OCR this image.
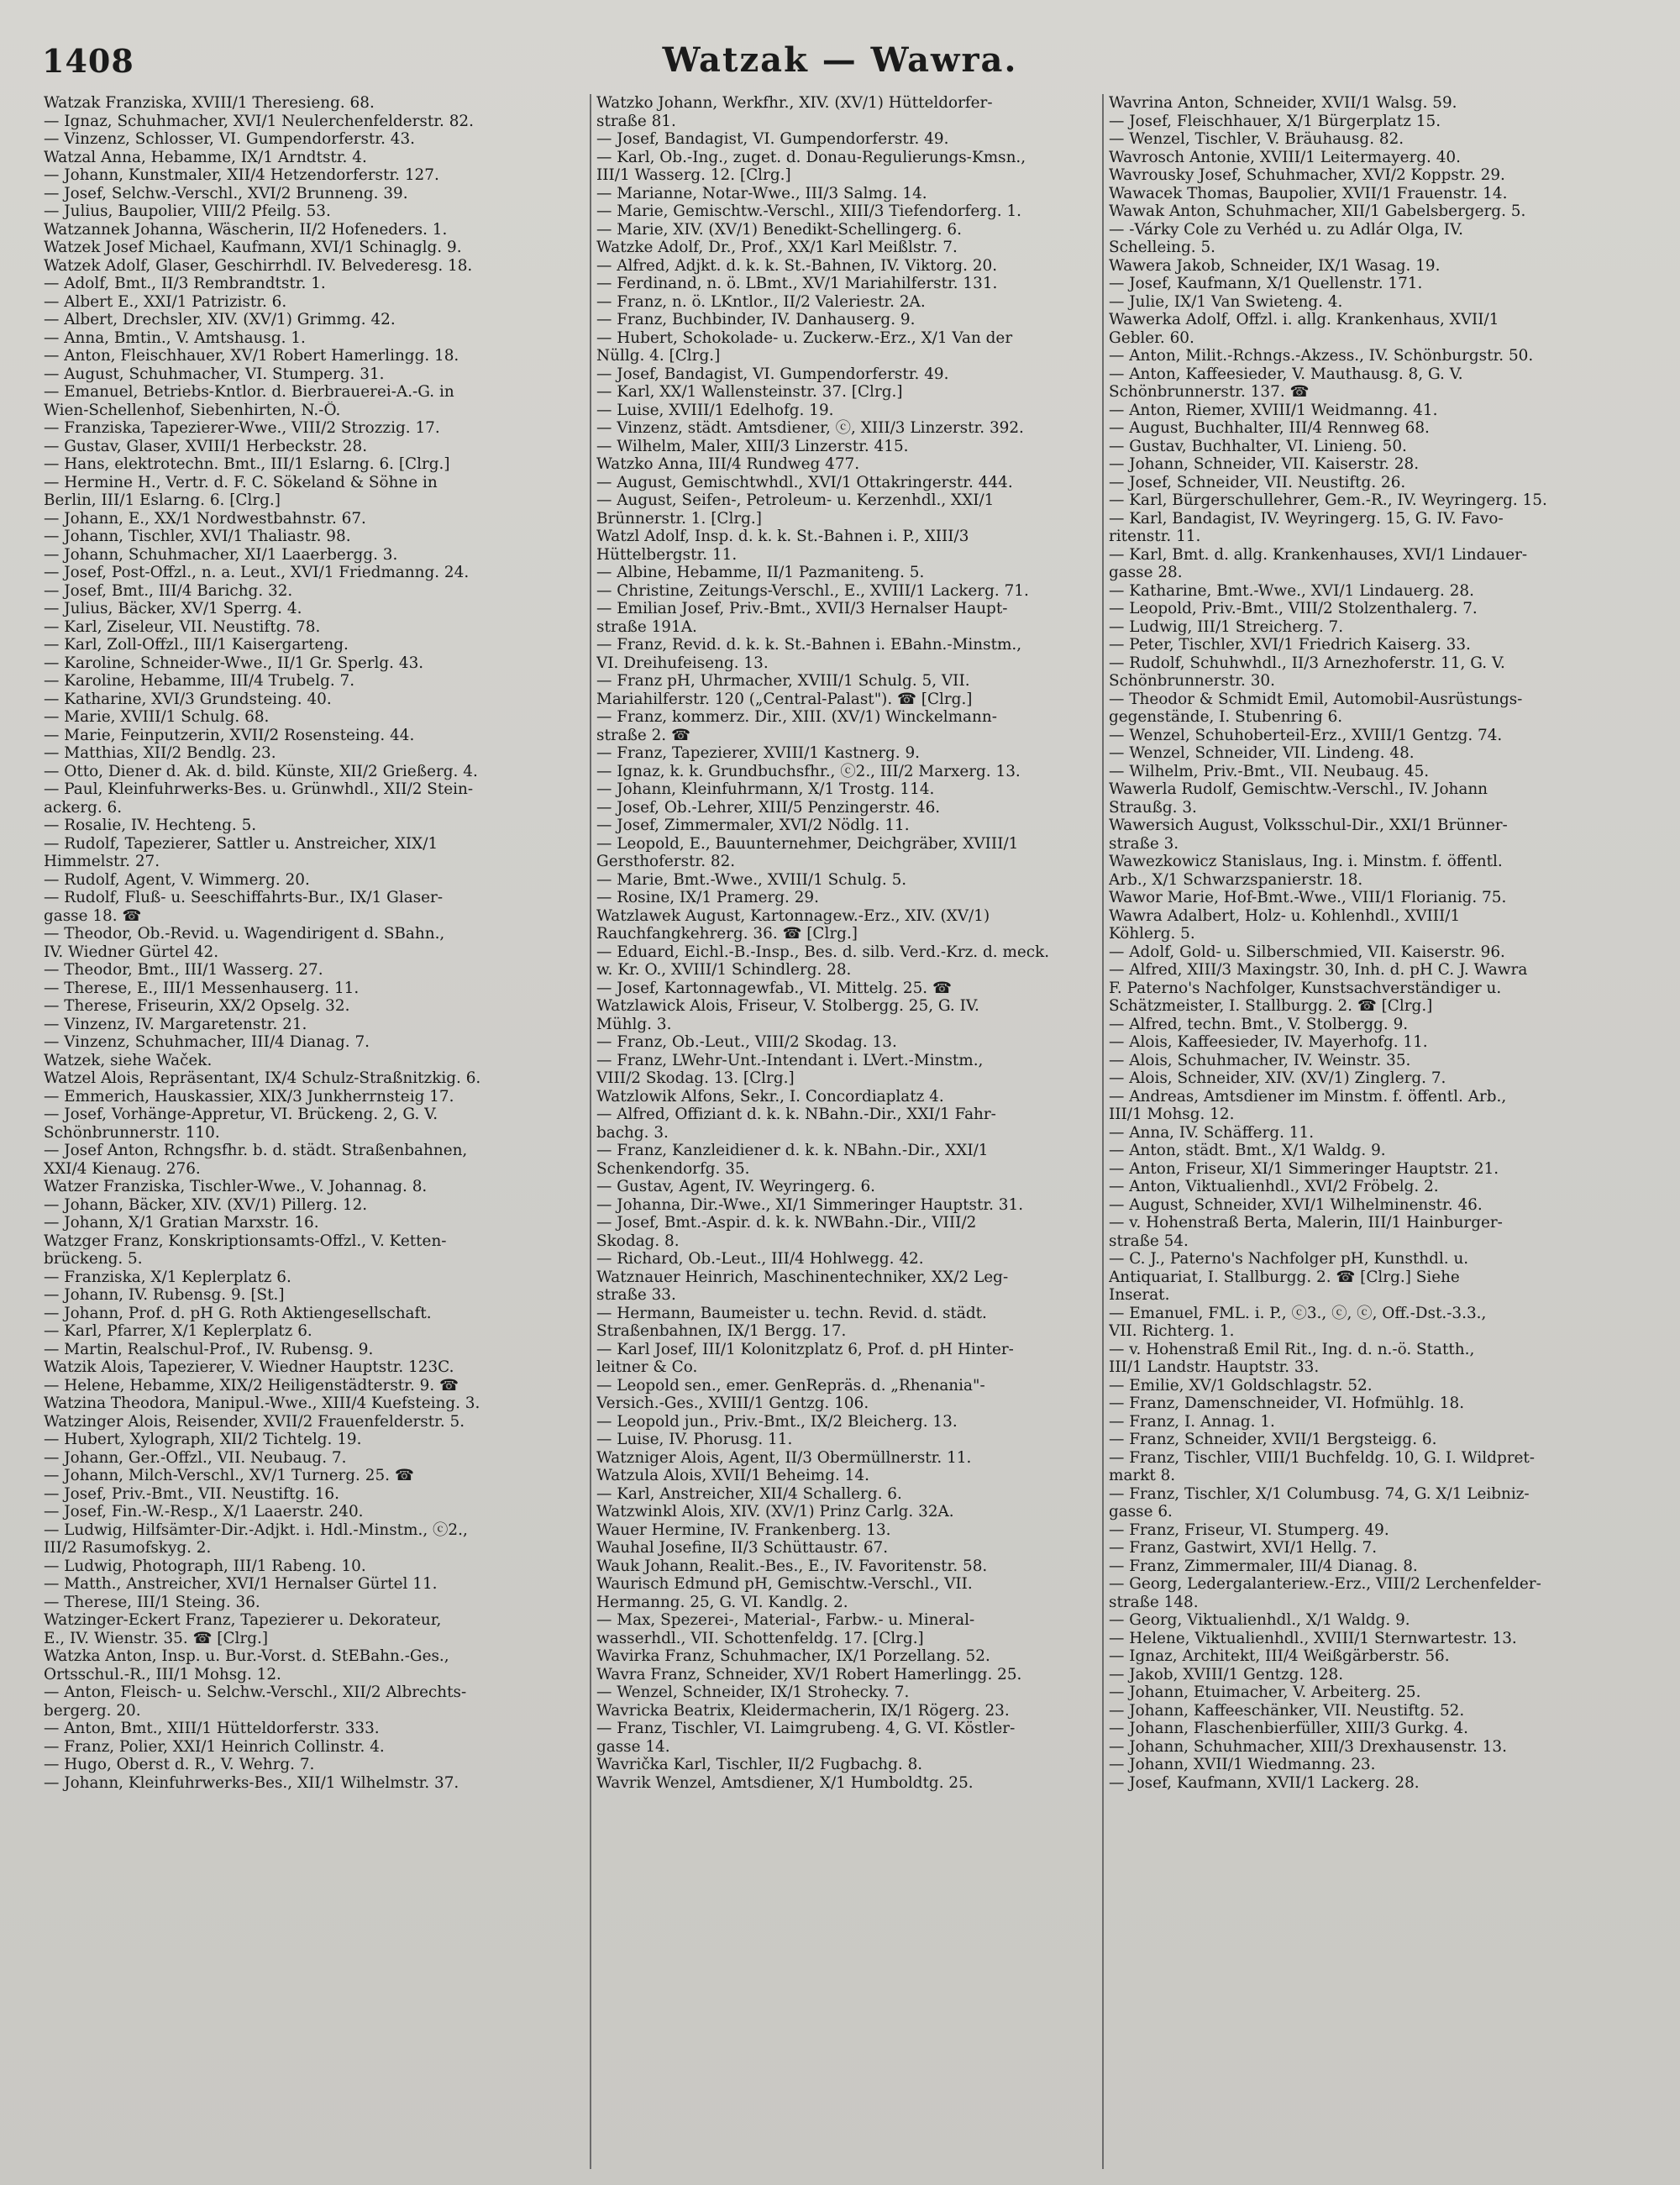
1408	Watzak — Wawra.
Watzak Franziska, XVIII/1 Theresieng. 68.
— Ignaz, Schuhmacher, XVI/1 Neulerchenfelderstr. 82.
— Vinzenz, Schlosser, VI. Gumpendorferstr. 43.
Watzal Anna, Hebamme, IX/1 Arndtstr. 4.
— Johann, Kunstmaler, XII/4 Hetzendorferstr. 127.
— Josef, Selchw.-Verschl., XVI/2 Brunneng. 39.
— Julius, Baupolier, VIII/2 Pfeilg. 53.
Watzannek Johanna, Wäscherin, II/2 Hofeneders. 1.
Watzek Josef Michael, Kaufmann, XVI/1 Schinaglg. 9.
Watzek Adolf, Glaser, Geschirrhdl. IV. Belvederesg. 18.
— Adolf, Bmt., II/3 Rembrandtstr. 1.
— Albert E., XXI/1 Patrizistr. 6.
— Albert, Drechsler, XIV. (XV/1) Grimmg. 42.
— Anna, Bmtin., V. Amtshausg. 1.
— Anton, Fleischhauer, XV/1 Robert Hamerlingg. 18.
— August, Schuhmacher, VI. Stumperg. 31.
— Emanuel, Betriebs-Kntlor. d. Bierbrauerei-A.-G. in
Wien-Schellenhof, Siebenhirten, N.-Ö.
— Franziska, Tapezierer-Wwe., VIII/2 Strozzig. 17.
— Gustav, Glaser, XVIII/1 Herbeckstr. 28.
— Hans, elektrotechn. Bmt., III/1 Eslarng. 6. [Clrg.]
— Hermine H., Vertr. d. F. C. Sökeland & Söhne in
Berlin, III/1 Eslarng. 6. [Clrg.]
— Johann, E., XX/1 Nordwestbahnstr. 67.
— Johann, Tischler, XVI/1 Thaliastr. 98.
— Johann, Schuhmacher, XI/1 Laaerbergg. 3.
— Josef, Post-Offzl., n. a. Leut., XVI/1 Friedmanng. 24.
— Josef, Bmt., III/4 Barichg. 32.
— Julius, Bäcker, XV/1 Sperrg. 4.
— Karl, Ziseleur, VII. Neustiftg. 78.
— Karl, Zoll-Offzl., III/1 Kaisergarteng.
— Karoline, Schneider-Wwe., II/1 Gr. Sperlg. 43.
— Karoline, Hebamme, III/4 Trubelg. 7.
— Katharine, XVI/3 Grundsteing. 40.
— Marie, XVIII/1 Schulg. 68.
— Marie, Feinputzerin, XVII/2 Rosensteing. 44.
— Matthias, XII/2 Bendlg. 23.
— Otto, Diener d. Ak. d. bild. Künste, XII/2 Grießerg. 4.
— Paul, Kleinfuhrwerks-Bes. u. Grünwhdl., XII/2 Stein-
ackerg. 6.
— Rosalie, IV. Hechteng. 5.
— Rudolf, Tapezierer, Sattler u. Anstreicher, XIX/1
Himmelstr. 27.
— Rudolf, Agent, V. Wimmerg. 20.
— Rudolf, Fluß- u. Seeschiffahrts-Bur., IX/1 Glaser-
gasse 18. ☎
— Theodor, Ob.-Revid. u. Wagendirigent d. SBahn.,
IV. Wiedner Gürtel 42.
— Theodor, Bmt., III/1 Wasserg. 27.
— Therese, E., III/1 Messenhauserg. 11.
— Therese, Friseurin, XX/2 Opselg. 32.
— Vinzenz, IV. Margaretenstr. 21.
— Vinzenz, Schuhmacher, III/4 Dianag. 7.
Watzek, siehe Waček.
Watzel Alois, Repräsentant, IX/4 Schulz-Straßnitzkig. 6.
— Emmerich, Hauskassier, XIX/3 Junkherrnsteig 17.
— Josef, Vorhänge-Appretur, VI. Brückeng. 2, G. V.
Schönbrunnerstr. 110.
— Josef Anton, Rchngsfhr. b. d. städt. Straßenbahnen,
XXI/4 Kienaug. 276.
Watzer Franziska, Tischler-Wwe., V. Johannag. 8.
— Johann, Bäcker, XIV. (XV/1) Pillerg. 12.
— Johann, X/1 Gratian Marxstr. 16.
Watzger Franz, Konskriptionsamts-Offzl., V. Ketten-
brückeng. 5.
— Franziska, X/1 Keplerplatz 6.
— Johann, IV. Rubensg. 9. [St.]
— Johann, Prof. d. pH G. Roth Aktiengesellschaft.
— Karl, Pfarrer, X/1 Keplerplatz 6.
— Martin, Realschul-Prof., IV. Rubensg. 9.
Watzik Alois, Tapezierer, V. Wiedner Hauptstr. 123C.
— Helene, Hebamme, XIX/2 Heiligenstädterstr. 9. ☎
Watzina Theodora, Manipul.-Wwe., XIII/4 Kuefsteing. 3.
Watzinger Alois, Reisender, XVII/2 Frauenfelderstr. 5.
— Hubert, Xylograph, XII/2 Tichtelg. 19.
— Johann, Ger.-Offzl., VII. Neubaug. 7.
— Johann, Milch-Verschl., XV/1 Turnerg. 25. ☎
— Josef, Priv.-Bmt., VII. Neustiftg. 16.
— Josef, Fin.-W.-Resp., X/1 Laaerstr. 240.
— Ludwig, Hilfsämter-Dir.-Adjkt. i. Hdl.-Minstm., ⓒ2.,
III/2 Rasumofskyg. 2.
— Ludwig, Photograph, III/1 Rabeng. 10.
— Matth., Anstreicher, XVI/1 Hernalser Gürtel 11.
— Therese, III/1 Steing. 36.
Watzinger-Eckert Franz, Tapezierer u. Dekorateur,
E., IV. Wienstr. 35. ☎ [Clrg.]
Watzka Anton, Insp. u. Bur.-Vorst. d. StEBahn.-Ges.,
Ortsschul.-R., III/1 Mohsg. 12.
— Anton, Fleisch- u. Selchw.-Verschl., XII/2 Albrechts-
bergerg. 20.
— Anton, Bmt., XIII/1 Hütteldorferstr. 333.
— Franz, Polier, XXI/1 Heinrich Collinstr. 4.
— Hugo, Oberst d. R., V. Wehrg. 7.
— Johann, Kleinfuhrwerks-Bes., XII/1 Wilhelmstr. 37.
Watzko Johann, Werkfhr., XIV. (XV/1) Hütteldorfer-
straße 81.
— Josef, Bandagist, VI. Gumpendorferstr. 49.
— Karl, Ob.-Ing., zuget. d. Donau-Regulierungs-Kmsn.,
III/1 Wasserg. 12. [Clrg.]
— Marianne, Notar-Wwe., III/3 Salmg. 14.
— Marie, Gemischtw.-Verschl., XIII/3 Tiefendorferg. 1.
— Marie, XIV. (XV/1) Benedikt-Schellingerg. 6.
Watzke Adolf, Dr., Prof., XX/1 Karl Meißlstr. 7.
— Alfred, Adjkt. d. k. k. St.-Bahnen, IV. Viktorg. 20.
— Ferdinand, n. ö. LBmt., XV/1 Mariahilferstr. 131.
— Franz, n. ö. LKntlor., II/2 Valeriestr. 2A.
— Franz, Buchbinder, IV. Danhauserg. 9.
— Hubert, Schokolade- u. Zuckerw.-Erz., X/1 Van der
Nüllg. 4. [Clrg.]
— Josef, Bandagist, VI. Gumpendorferstr. 49.
— Karl, XX/1 Wallensteinstr. 37. [Clrg.]
— Luise, XVIII/1 Edelhofg. 19.
— Vinzenz, städt. Amtsdiener, ⓒ, XIII/3 Linzerstr. 392.
— Wilhelm, Maler, XIII/3 Linzerstr. 415.
Watzko Anna, III/4 Rundweg 477.
— August, Gemischtwhdl., XVI/1 Ottakringerstr. 444.
— August, Seifen-, Petroleum- u. Kerzenhdl., XXI/1
Brünnerstr. 1. [Clrg.]
Watzl Adolf, Insp. d. k. k. St.-Bahnen i. P., XIII/3
Hüttelbergstr. 11.
— Albine, Hebamme, II/1 Pazmaniteng. 5.
— Christine, Zeitungs-Verschl., E., XVIII/1 Lackerg. 71.
— Emilian Josef, Priv.-Bmt., XVII/3 Hernalser Haupt-
straße 191A.
— Franz, Revid. d. k. k. St.-Bahnen i. EBahn.-Minstm.,
VI. Dreihufeiseng. 13.
— Franz pH, Uhrmacher, XVIII/1 Schulg. 5, VII.
Mariahilferstr. 120 („Central-Palast"). ☎ [Clrg.]
— Franz, kommerz. Dir., XIII. (XV/1) Winckelmann-
straße 2. ☎
— Franz, Tapezierer, XVIII/1 Kastnerg. 9.
— Ignaz, k. k. Grundbuchsfhr., ⓒ2., III/2 Marxerg. 13.
— Johann, Kleinfuhrmann, X/1 Trostg. 114.
— Josef, Ob.-Lehrer, XIII/5 Penzingerstr. 46.
— Josef, Zimmermaler, XVI/2 Nödlg. 11.
— Leopold, E., Bauunternehmer, Deichgräber, XVIII/1
Gersthoferstr. 82.
— Marie, Bmt.-Wwe., XVIII/1 Schulg. 5.
— Rosine, IX/1 Pramerg. 29.
Watzlawek August, Kartonnagew.-Erz., XIV. (XV/1)
Rauchfangkehrerg. 36. ☎ [Clrg.]
— Eduard, Eichl.-B.-Insp., Bes. d. silb. Verd.-Krz. d. meck.
w. Kr. O., XVIII/1 Schindlerg. 28.
— Josef, Kartonnagewfab., VI. Mittelg. 25. ☎
Watzlawick Alois, Friseur, V. Stolbergg. 25, G. IV.
Mühlg. 3.
— Franz, Ob.-Leut., VIII/2 Skodag. 13.
— Franz, LWehr-Unt.-Intendant i. LVert.-Minstm.,
VIII/2 Skodag. 13. [Clrg.]
Watzlowik Alfons, Sekr., I. Concordiaplatz 4.
— Alfred, Offiziant d. k. k. NBahn.-Dir., XXI/1 Fahr-
bachg. 3.
— Franz, Kanzleidiener d. k. k. NBahn.-Dir., XXI/1
Schenkendorfg. 35.
— Gustav, Agent, IV. Weyringerg. 6.
— Johanna, Dir.-Wwe., XI/1 Simmeringer Hauptstr. 31.
— Josef, Bmt.-Aspir. d. k. k. NWBahn.-Dir., VIII/2
Skodag. 8.
— Richard, Ob.-Leut., III/4 Hohlwegg. 42.
Watznauer Heinrich, Maschinentechniker, XX/2 Leg-
straße 33.
— Hermann, Baumeister u. techn. Revid. d. städt.
Straßenbahnen, IX/1 Bergg. 17.
— Karl Josef, III/1 Kolonitzplatz 6, Prof. d. pH Hinter-
leitner & Co.
— Leopold sen., emer. GenRepräs. d. „Rhenania"-
Versich.-Ges., XVIII/1 Gentzg. 106.
— Leopold jun., Priv.-Bmt., IX/2 Bleicherg. 13.
— Luise, IV. Phorusg. 11.
Watzniger Alois, Agent, II/3 Obermüllnerstr. 11.
Watzula Alois, XVII/1 Beheimg. 14.
— Karl, Anstreicher, XII/4 Schallerg. 6.
Watzwinkl Alois, XIV. (XV/1) Prinz Carlg. 32A.
Wauer Hermine, IV. Frankenberg. 13.
Wauhal Josefine, II/3 Schüttaustr. 67.
Wauk Johann, Realit.-Bes., E., IV. Favoritenstr. 58.
Waurisch Edmund pH, Gemischtw.-Verschl., VII.
Hermanng. 25, G. VI. Kandlg. 2.
— Max, Spezerei-, Material-, Farbw.- u. Mineral-
wasserhdl., VII. Schottenfeldg. 17. [Clrg.]
Wavirka Franz, Schuhmacher, IX/1 Porzellang. 52.
Wavra Franz, Schneider, XV/1 Robert Hamerlingg. 25.
— Wenzel, Schneider, IX/1 Strohecky. 7.
Wavricka Beatrix, Kleidermacherin, IX/1 Rögerg. 23.
— Franz, Tischler, VI. Laimgrubeng. 4, G. VI. Köstler-
gasse 14.
Wavrička Karl, Tischler, II/2 Fugbachg. 8.
Wavrik Wenzel, Amtsdiener, X/1 Humboldtg. 25.
Wavrina Anton, Schneider, XVII/1 Walsg. 59.
— Josef, Fleischhauer, X/1 Bürgerplatz 15.
— Wenzel, Tischler, V. Bräuhausg. 82.
Wavrosch Antonie, XVIII/1 Leitermayerg. 40.
Wavrousky Josef, Schuhmacher, XVI/2 Koppstr. 29.
Wawacek Thomas, Baupolier, XVII/1 Frauenstr. 14.
Wawak Anton, Schuhmacher, XII/1 Gabelsbergerg. 5.
— ‑Várky Cole zu Verhéd u. zu Adlár Olga, IV.
Schelleing. 5.
Wawera Jakob, Schneider, IX/1 Wasag. 19.
— Josef, Kaufmann, X/1 Quellenstr. 171.
— Julie, IX/1 Van Swieteng. 4.
Wawerka Adolf, Offzl. i. allg. Krankenhaus, XVII/1
Gebler. 60.
— Anton, Milit.-Rchngs.-Akzess., IV. Schönburgstr. 50.
— Anton, Kaffeesieder, V. Mauthausg. 8, G. V.
Schönbrunnerstr. 137. ☎
— Anton, Riemer, XVIII/1 Weidmanng. 41.
— August, Buchhalter, III/4 Rennweg 68.
— Gustav, Buchhalter, VI. Linieng. 50.
— Johann, Schneider, VII. Kaiserstr. 28.
— Josef, Schneider, VII. Neustiftg. 26.
— Karl, Bürgerschullehrer, Gem.-R., IV. Weyringerg. 15.
— Karl, Bandagist, IV. Weyringerg. 15, G. IV. Favo-
ritenstr. 11.
— Karl, Bmt. d. allg. Krankenhauses, XVI/1 Lindauer-
gasse 28.
— Katharine, Bmt.-Wwe., XVI/1 Lindauerg. 28.
— Leopold, Priv.-Bmt., VIII/2 Stolzenthalerg. 7.
— Ludwig, III/1 Streicherg. 7.
— Peter, Tischler, XVI/1 Friedrich Kaiserg. 33.
— Rudolf, Schuhwhdl., II/3 Arnezhoferstr. 11, G. V.
Schönbrunnerstr. 30.
— Theodor & Schmidt Emil, Automobil-Ausrüstungs-
gegenstände, I. Stubenring 6.
— Wenzel, Schuhoberteil-Erz., XVIII/1 Gentzg. 74.
— Wenzel, Schneider, VII. Lindeng. 48.
— Wilhelm, Priv.-Bmt., VII. Neubaug. 45.
Wawerla Rudolf, Gemischtw.-Verschl., IV. Johann
Straußg. 3.
Wawersich August, Volksschul-Dir., XXI/1 Brünner-
straße 3.
Wawezkowicz Stanislaus, Ing. i. Minstm. f. öffentl.
Arb., X/1 Schwarzspanierstr. 18.
Wawor Marie, Hof-Bmt.-Wwe., VIII/1 Florianig. 75.
Wawra Adalbert, Holz- u. Kohlenhdl., XVIII/1
Köhlerg. 5.
— Adolf, Gold- u. Silberschmied, VII. Kaiserstr. 96.
— Alfred, XIII/3 Maxingstr. 30, Inh. d. pH C. J. Wawra
F. Paterno's Nachfolger, Kunstsachverständiger u.
Schätzmeister, I. Stallburgg. 2. ☎ [Clrg.]
— Alfred, techn. Bmt., V. Stolbergg. 9.
— Alois, Kaffeesieder, IV. Mayerhofg. 11.
— Alois, Schuhmacher, IV. Weinstr. 35.
— Alois, Schneider, XIV. (XV/1) Zinglerg. 7.
— Andreas, Amtsdiener im Minstm. f. öffentl. Arb.,
III/1 Mohsg. 12.
— Anna, IV. Schäfferg. 11.
— Anton, städt. Bmt., X/1 Waldg. 9.
— Anton, Friseur, XI/1 Simmeringer Hauptstr. 21.
— Anton, Viktualienhdl., XVI/2 Fröbelg. 2.
— August, Schneider, XVI/1 Wilhelminenstr. 46.
— v. Hohenstraß Berta, Malerin, III/1 Hainburger-
straße 54.
— C. J., Paterno's Nachfolger pH, Kunsthdl. u.
Antiquariat, I. Stallburgg. 2. ☎ [Clrg.] Siehe
Inserat.
— Emanuel, FML. i. P., ⓒ3., ⓒ, ⓒ, Off.-Dst.-3.3.,
VII. Richterg. 1.
— v. Hohenstraß Emil Rit., Ing. d. n.-ö. Statth.,
III/1 Landstr. Hauptstr. 33.
— Emilie, XV/1 Goldschlagstr. 52.
— Franz, Damenschneider, VI. Hofmühlg. 18.
— Franz, I. Annag. 1.
— Franz, Schneider, XVII/1 Bergsteigg. 6.
— Franz, Tischler, VIII/1 Buchfeldg. 10, G. I. Wildpret-
markt 8.
— Franz, Tischler, X/1 Columbusg. 74, G. X/1 Leibniz-
gasse 6.
— Franz, Friseur, VI. Stumperg. 49.
— Franz, Gastwirt, XVI/1 Hellg. 7.
— Franz, Zimmermaler, III/4 Dianag. 8.
— Georg, Ledergalanteriew.-Erz., VIII/2 Lerchenfelder-
straße 148.
— Georg, Viktualienhdl., X/1 Waldg. 9.
— Helene, Viktualienhdl., XVIII/1 Sternwartestr. 13.
— Ignaz, Architekt, III/4 Weißgärberstr. 56.
— Jakob, XVIII/1 Gentzg. 128.
— Johann, Etuimacher, V. Arbeiterg. 25.
— Johann, Kaffeeschänker, VII. Neustiftg. 52.
— Johann, Flaschenbierfüller, XIII/3 Gurkg. 4.
— Johann, Schuhmacher, XIII/3 Drexhausenstr. 13.
— Johann, XVII/1 Wiedmanng. 23.
— Josef, Kaufmann, XVII/1 Lackerg. 28.
